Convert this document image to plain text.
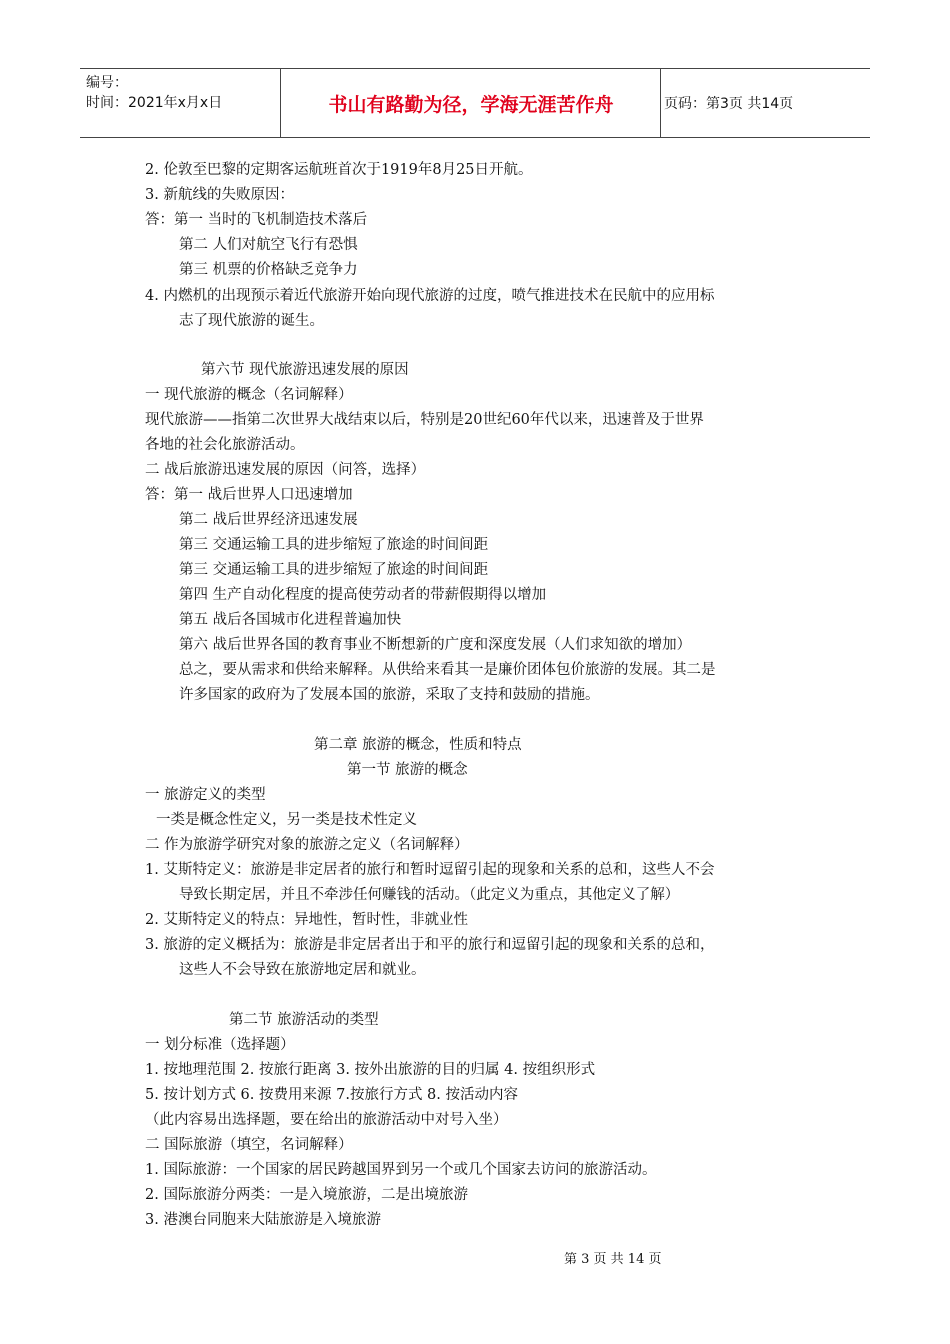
编号：
时间：2021年x月x日	书山有路勤为径，学海无涯苦作舟	页码：第3页 共14页
2. 伦敦至巴黎的定期客运航班首次于1919年8月25日开航。
3. 新航线的失败原因：
答：第一 当时的飞机制造技术落后
第二 人们对航空飞行有恐惧
第三 机票的价格缺乏竞争力
4. 内燃机的出现预示着近代旅游开始向现代旅游的过度，喷气推进技术在民航中的应用标
志了现代旅游的诞生。
第六节 现代旅游迅速发展的原因
一 现代旅游的概念（名词解释）
现代旅游——指第二次世界大战结束以后，特别是20世纪60年代以来，迅速普及于世界
各地的社会化旅游活动。
二 战后旅游迅速发展的原因（问答，选择）
答：第一 战后世界人口迅速增加
第二 战后世界经济迅速发展
第三 交通运输工具的进步缩短了旅途的时间间距
第三 交通运输工具的进步缩短了旅途的时间间距
第四 生产自动化程度的提高使劳动者的带薪假期得以增加
第五 战后各国城市化进程普遍加快
第六 战后世界各国的教育事业不断想新的广度和深度发展（人们求知欲的增加）
总之，要从需求和供给来解释。从供给来看其一是廉价团体包价旅游的发展。其二是
许多国家的政府为了发展本国的旅游，采取了支持和鼓励的措施。
第二章 旅游的概念，性质和特点
第一节 旅游的概念
一 旅游定义的类型
一类是概念性定义，另一类是技术性定义
二 作为旅游学研究对象的旅游之定义（名词解释）
1. 艾斯特定义：旅游是非定居者的旅行和暂时逗留引起的现象和关系的总和，这些人不会
导致长期定居，并且不牵涉任何赚钱的活动。（此定义为重点，其他定义了解）
2. 艾斯特定义的特点：异地性，暂时性，非就业性
3. 旅游的定义概括为：旅游是非定居者出于和平的旅行和逗留引起的现象和关系的总和，
这些人不会导致在旅游地定居和就业。
第二节 旅游活动的类型
一 划分标准（选择题）
1. 按地理范围 2. 按旅行距离 3. 按外出旅游的目的归属 4. 按组织形式
5. 按计划方式 6. 按费用来源 7.按旅行方式 8. 按活动内容
（此内容易出选择题，要在给出的旅游活动中对号入坐）
二 国际旅游（填空，名词解释）
1. 国际旅游：一个国家的居民跨越国界到另一个或几个国家去访问的旅游活动。
2. 国际旅游分两类：一是入境旅游，二是出境旅游
3. 港澳台同胞来大陆旅游是入境旅游
第 3 页 共 14 页
